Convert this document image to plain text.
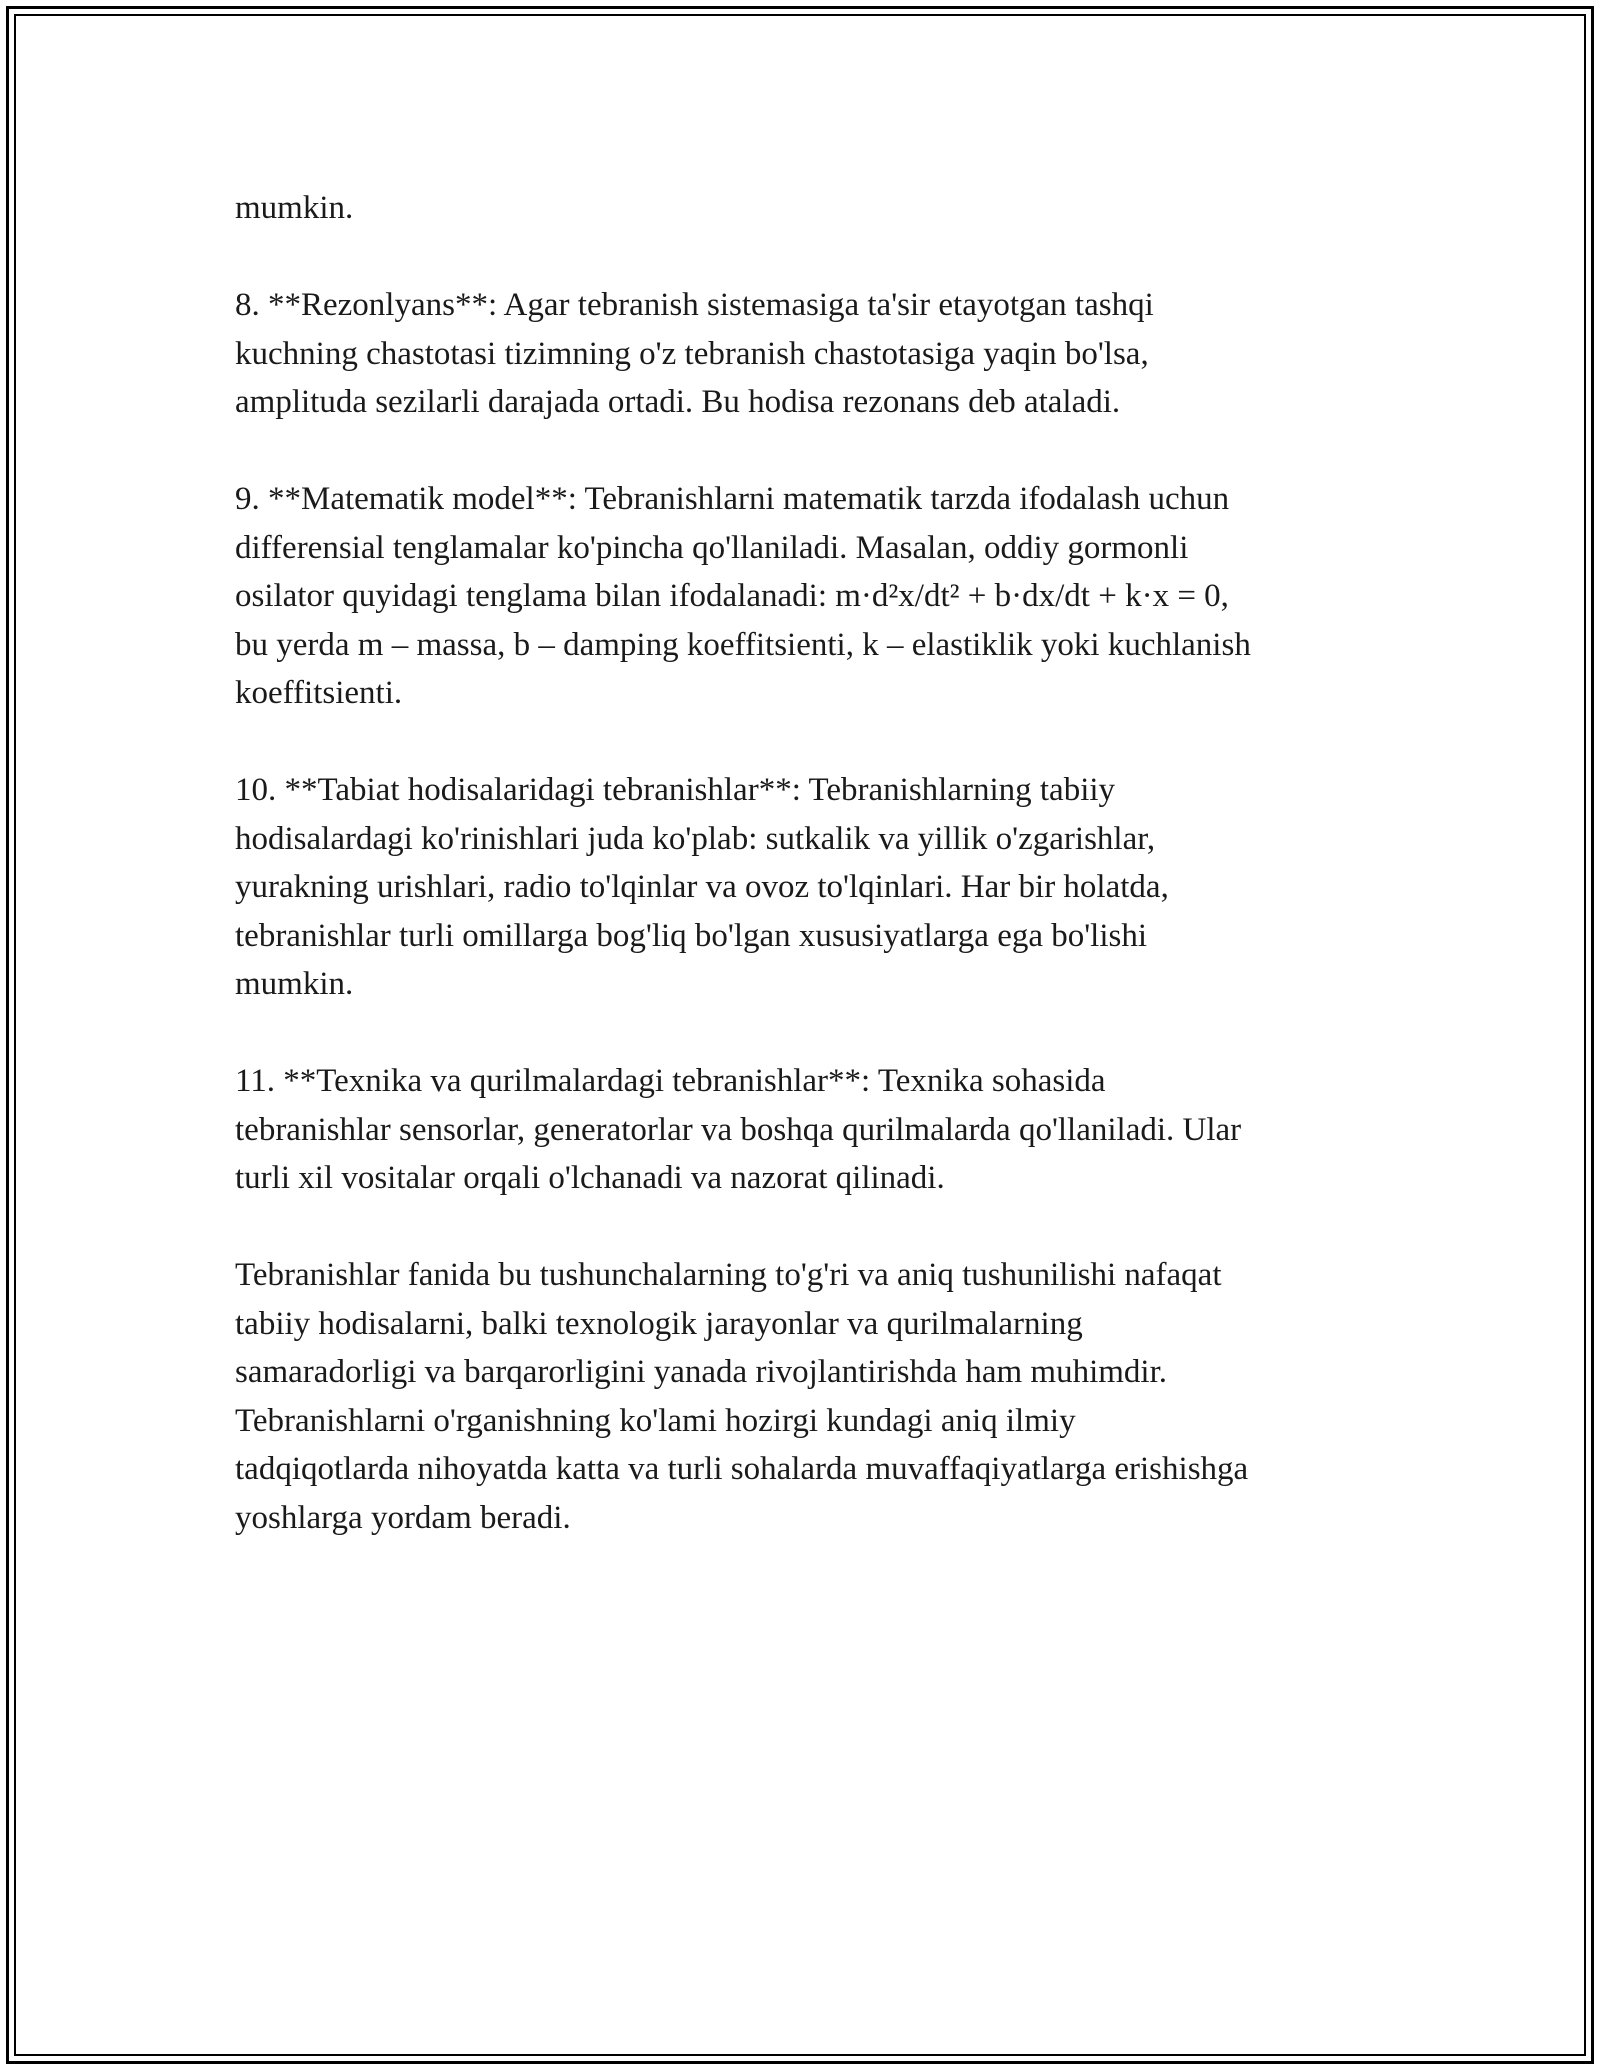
mumkin.

8. **Rezonlyans**: Agar tebranish sistemasiga ta'sir etayotgan tashqi
kuchning chastotasi tizimning o'z tebranish chastotasiga yaqin bo'lsa,
amplituda sezilarli darajada ortadi. Bu hodisa rezonans deb ataladi.

9. **Matematik model**: Tebranishlarni matematik tarzda ifodalash uchun
differensial tenglamalar ko'pincha qo'llaniladi. Masalan, oddiy gormonli
osilator quyidagi tenglama bilan ifodalanadi: m·d²x/dt² + b·dx/dt + k·x = 0,
bu yerda m – massa, b – damping koeffitsienti, k – elastiklik yoki kuchlanish
koeffitsienti.

10. **Tabiat hodisalaridagi tebranishlar**: Tebranishlarning tabiiy
hodisalardagi ko'rinishlari juda ko'plab: sutkalik va yillik o'zgarishlar,
yurakning urishlari, radio to'lqinlar va ovoz to'lqinlari. Har bir holatda,
tebranishlar turli omillarga bog'liq bo'lgan xususiyatlarga ega bo'lishi
mumkin.

11. **Texnika va qurilmalardagi tebranishlar**: Texnika sohasida
tebranishlar sensorlar, generatorlar va boshqa qurilmalarda qo'llaniladi. Ular
turli xil vositalar orqali o'lchanadi va nazorat qilinadi.

Tebranishlar fanida bu tushunchalarning to'g'ri va aniq tushunilishi nafaqat
tabiiy hodisalarni, balki texnologik jarayonlar va qurilmalarning
samaradorligi va barqarorligini yanada rivojlantirishda ham muhimdir.
Tebranishlarni o'rganishning ko'lami hozirgi kundagi aniq ilmiy
tadqiqotlarda nihoyatda katta va turli sohalarda muvaffaqiyatlarga erishishga
yoshlarga yordam beradi.
